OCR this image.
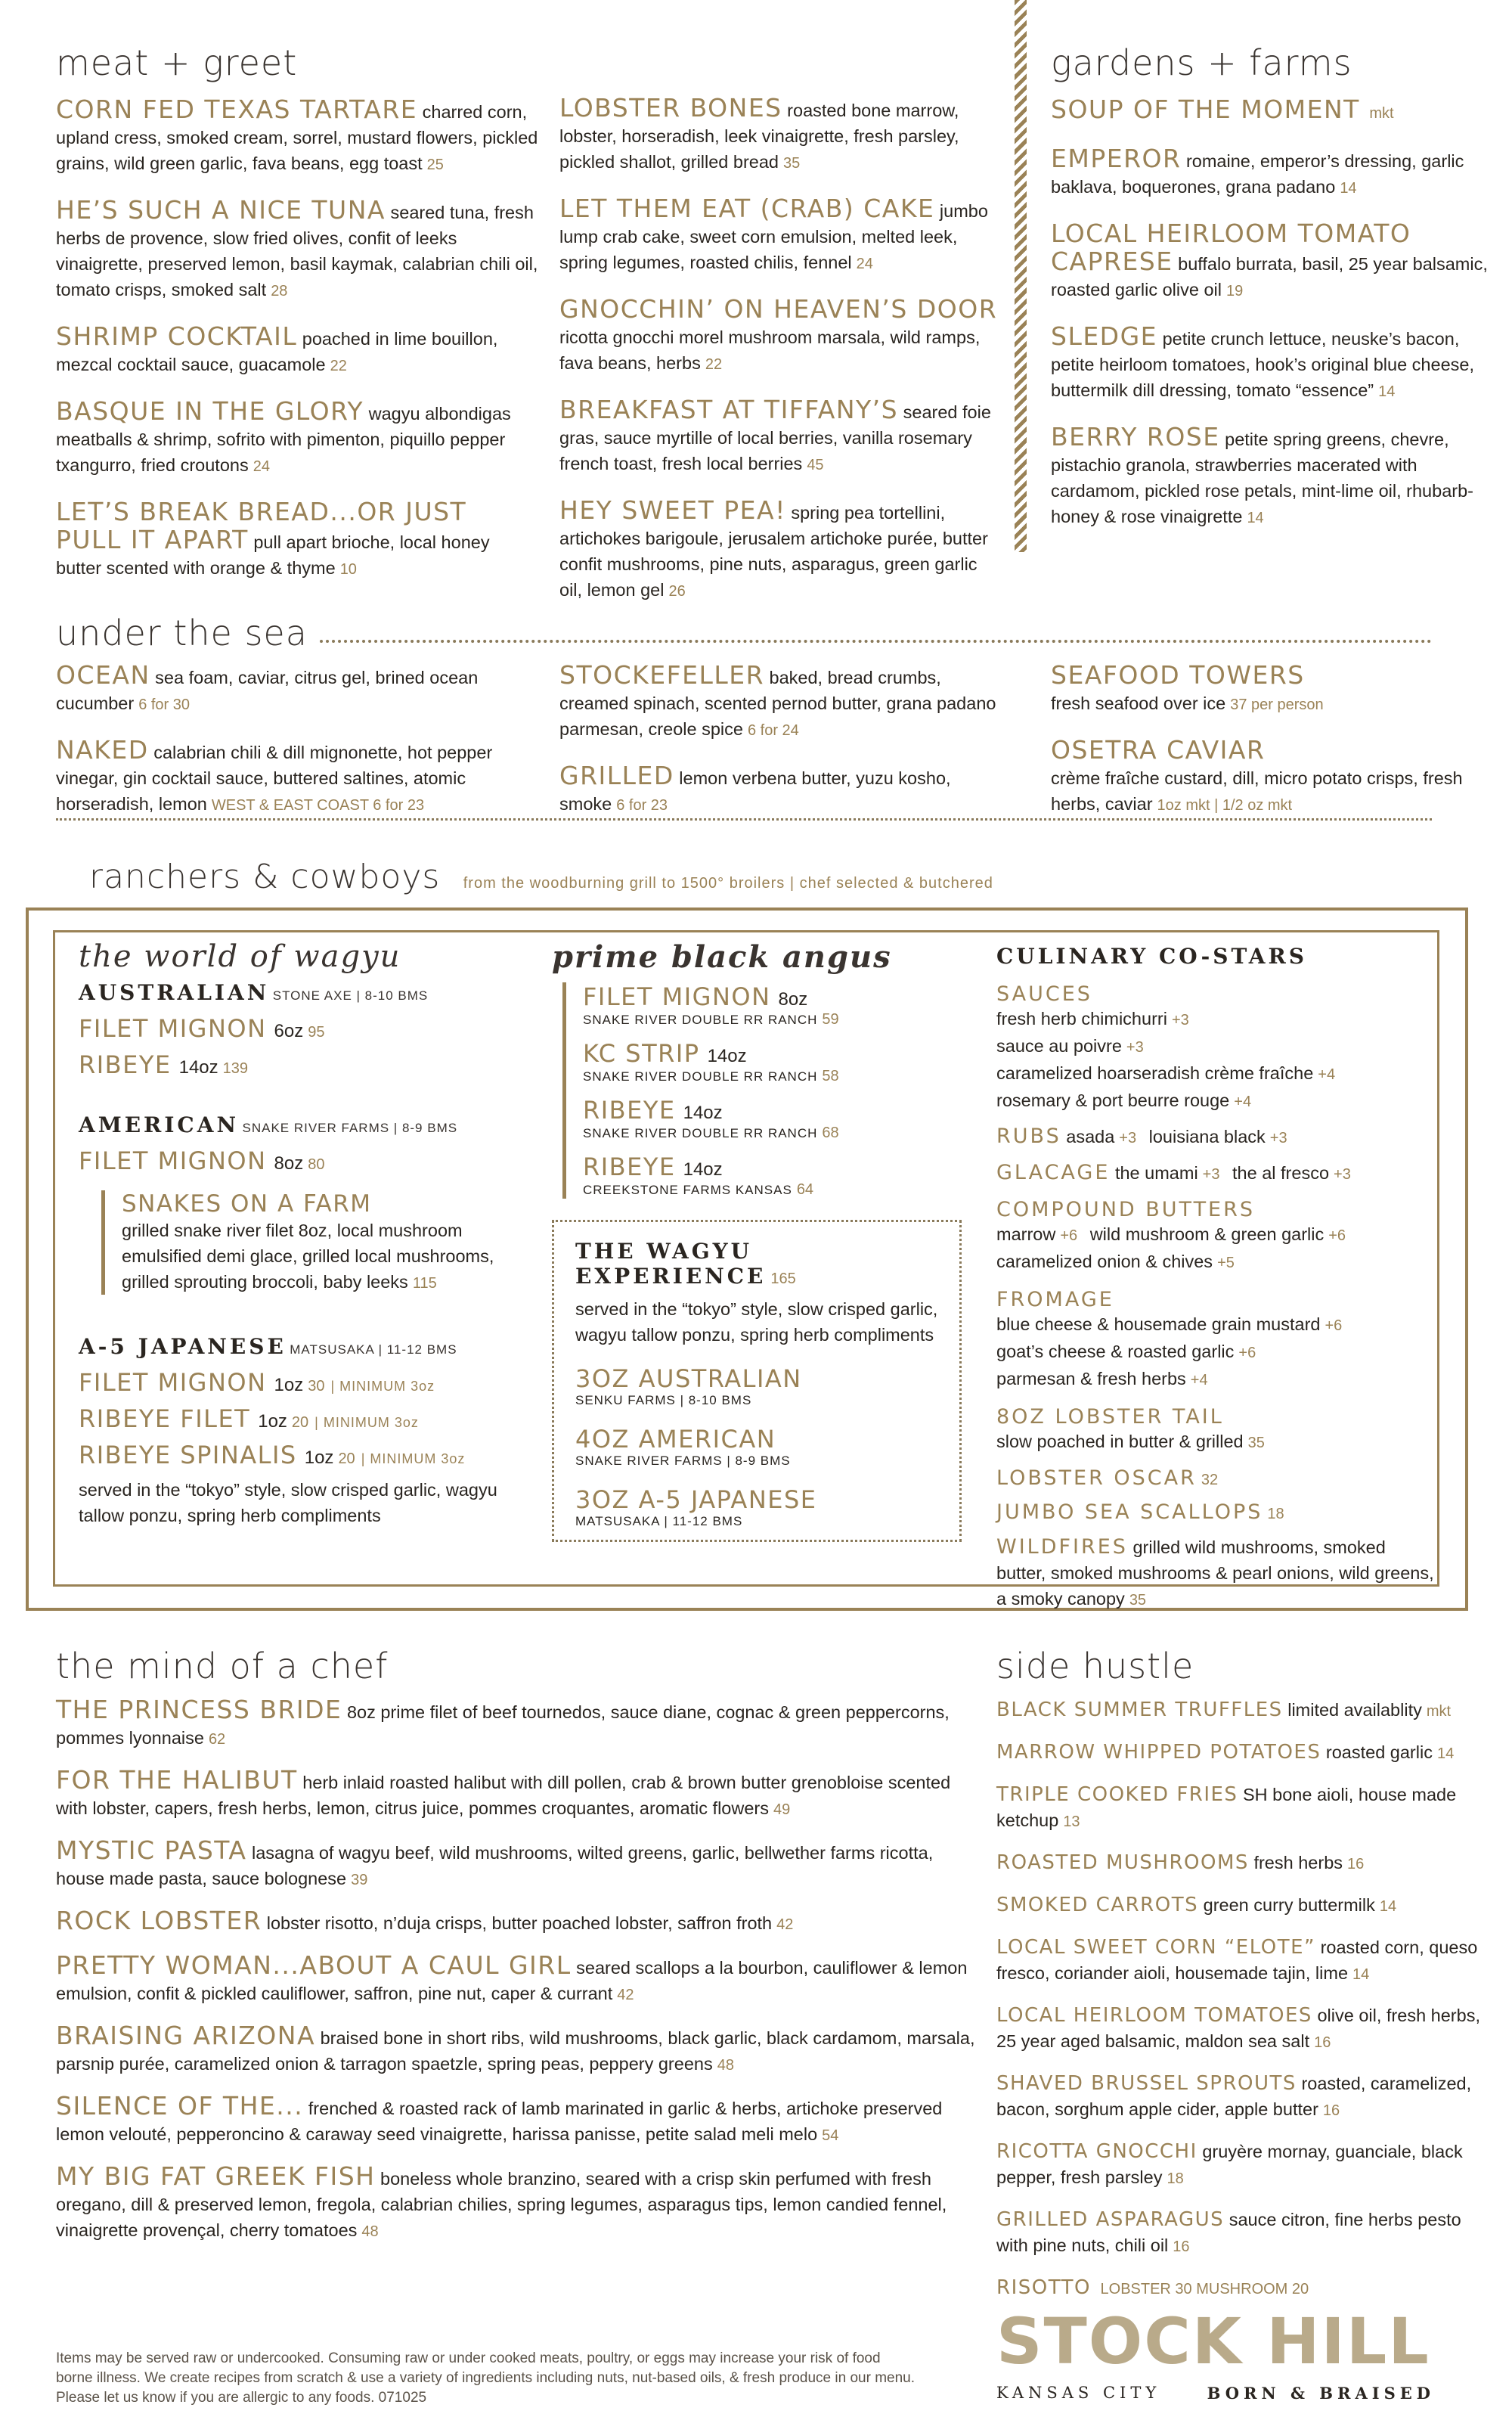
meat + greet
CORN FED TEXAS TARTARE charred corn, upland cress, smoked cream, sorrel, mustard flowers, pickled grains, wild green garlic, fava beans, egg toast 25
HE’S SUCH A NICE TUNA seared tuna, fresh herbs de provence, slow fried olives, confit of leeks vinaigrette, preserved lemon, basil kaymak, calabrian chili oil, tomato crisps, smoked salt 28
SHRIMP COCKTAIL poached in lime bouillon, mezcal cocktail sauce, guacamole 22
BASQUE IN THE GLORY wagyu albondigas meatballs & shrimp, sofrito with pimenton, piquillo pepper txangurro, fried croutons 24
LET’S BREAK BREAD...OR JUST PULL IT APART pull apart brioche, local honey butter scented with orange & thyme 10
LOBSTER BONES roasted bone marrow, lobster, horseradish, leek vinaigrette, fresh parsley, pickled shallot, grilled bread 35
LET THEM EAT (CRAB) CAKE jumbo lump crab cake, sweet corn emulsion, melted leek, spring legumes, roasted chilis, fennel 24
GNOCCHIN’ ON HEAVEN’S DOOR ricotta gnocchi morel mushroom marsala, wild ramps, fava beans, herbs 22
BREAKFAST AT TIFFANY’S seared foie gras, sauce myrtille of local berries, vanilla rosemary french toast, fresh local berries 45
HEY SWEET PEA! spring pea tortellini, artichokes barigoule, jerusalem artichoke purée, butter confit mushrooms, pine nuts, asparagus, green garlic oil, lemon gel 26
gardens + farms
SOUP OF THE MOMENT mkt
EMPEROR romaine, emperor’s dressing, garlic baklava, boquerones, grana padano 14
LOCAL HEIRLOOM TOMATO CAPRESE buffalo burrata, basil, 25 year balsamic, roasted garlic olive oil 19
SLEDGE petite crunch lettuce, neuske’s bacon, petite heirloom tomatoes, hook’s original blue cheese, buttermilk dill dressing, tomato “essence” 14
BERRY ROSE petite spring greens, chevre, pistachio granola, strawberries macerated with cardamom, pickled rose petals, mint-lime oil, rhubarb-honey & rose vinaigrette 14
under the sea
OCEAN sea foam, caviar, citrus gel, brined ocean cucumber 6 for 30
NAKED calabrian chili & dill mignonette, hot pepper vinegar, gin cocktail sauce, buttered saltines, atomic horseradish, lemon WEST & EAST COAST 6 for 23
STOCKEFELLER baked, bread crumbs, creamed spinach, scented pernod butter, grana padano parmesan, creole spice 6 for 24
GRILLED lemon verbena butter, yuzu kosho, smoke 6 for 23
SEAFOOD TOWERS
fresh seafood over ice 37 per person
OSETRA CAVIAR
crème fraîche custard, dill, micro potato crisps, fresh herbs, caviar 1oz mkt | 1/2 oz mkt
ranchers & cowboys from the woodburning grill to 1500° broilers | chef selected & butchered
the world of wagyu
AUSTRALIAN STONE AXE | 8-10 BMS
FILET MIGNON 6oz 95
RIBEYE 14oz 139
AMERICAN SNAKE RIVER FARMS | 8-9 BMS
FILET MIGNON 8oz 80
SNAKES ON A FARM
grilled snake river filet 8oz, local mushroom emulsified demi glace, grilled local mushrooms, grilled sprouting broccoli, baby leeks 115
A-5 JAPANESE MATSUSAKA | 11-12 BMS
FILET MIGNON 1oz 30 | MINIMUM 3oz
RIBEYE FILET 1oz 20 | MINIMUM 3oz
RIBEYE SPINALIS 1oz 20 | MINIMUM 3oz
served in the “tokyo” style, slow crisped garlic, wagyu tallow ponzu, spring herb compliments
prime black angus
FILET MIGNON 8oz
SNAKE RIVER DOUBLE RR RANCH 59
KC STRIP 14oz
SNAKE RIVER DOUBLE RR RANCH 58
RIBEYE 14oz
SNAKE RIVER DOUBLE RR RANCH 68
RIBEYE 14oz
CREEKSTONE FARMS KANSAS 64
THE WAGYU EXPERIENCE 165
served in the “tokyo” style, slow crisped garlic, wagyu tallow ponzu, spring herb compliments
3OZ AUSTRALIAN
SENKU FARMS | 8-10 BMS
4OZ AMERICAN
SNAKE RIVER FARMS | 8-9 BMS
3OZ A-5 JAPANESE
MATSUSAKA | 11-12 BMS
CULINARY CO-STARS
SAUCES
fresh herb chimichurri +3
sauce au poivre +3
caramelized hoarseradish crème fraîche +4
rosemary & port beurre rouge +4
RUBS asada +3 louisiana black +3
GLACAGE the umami +3 the al fresco +3
COMPOUND BUTTERS
marrow +6 wild mushroom & green garlic +6
caramelized onion & chives +5
FROMAGE
blue cheese & housemade grain mustard +6
goat’s cheese & roasted garlic +6
parmesan & fresh herbs +4
8OZ LOBSTER TAIL
slow poached in butter & grilled 35
LOBSTER OSCAR 32
JUMBO SEA SCALLOPS 18
WILDFIRES grilled wild mushrooms, smoked butter, smoked mushrooms & pearl onions, wild greens, a smoky canopy 35
the mind of a chef
THE PRINCESS BRIDE 8oz prime filet of beef tournedos, sauce diane, cognac & green peppercorns, pommes lyonnaise 62
FOR THE HALIBUT herb inlaid roasted halibut with dill pollen, crab & brown butter grenobloise scented with lobster, capers, fresh herbs, lemon, citrus juice, pommes croquantes, aromatic flowers 49
MYSTIC PASTA lasagna of wagyu beef, wild mushrooms, wilted greens, garlic, bellwether farms ricotta, house made pasta, sauce bolognese 39
ROCK LOBSTER lobster risotto, n’duja crisps, butter poached lobster, saffron froth 42
PRETTY WOMAN...ABOUT A CAUL GIRL seared scallops a la bourbon, cauliflower & lemon emulsion, confit & pickled cauliflower, saffron, pine nut, caper & currant 42
BRAISING ARIZONA braised bone in short ribs, wild mushrooms, black garlic, black cardamom, marsala, parsnip purée, caramelized onion & tarragon spaetzle, spring peas, peppery greens 48
SILENCE OF THE... frenched & roasted rack of lamb marinated in garlic & herbs, artichoke preserved lemon velouté, pepperoncino & caraway seed vinaigrette, harissa panisse, petite salad meli melo 54
MY BIG FAT GREEK FISH boneless whole branzino, seared with a crisp skin perfumed with fresh oregano, dill & preserved lemon, fregola, calabrian chilies, spring legumes, asparagus tips, lemon candied fennel, vinaigrette provençal, cherry tomatoes 48
Items may be served raw or undercooked. Consuming raw or under cooked meats, poultry, or eggs may increase your risk of food borne illness. We create recipes from scratch & use a variety of ingredients including nuts, nut-based oils, & fresh produce in our menu. Please let us know if you are allergic to any foods. 071025
side hustle
BLACK SUMMER TRUFFLES limited availablity mkt
MARROW WHIPPED POTATOES roasted garlic 14
TRIPLE COOKED FRIES SH bone aioli, house made ketchup 13
ROASTED MUSHROOMS fresh herbs 16
SMOKED CARROTS green curry buttermilk 14
LOCAL SWEET CORN “ELOTE” roasted corn, queso fresco, coriander aioli, housemade tajin, lime 14
LOCAL HEIRLOOM TOMATOES olive oil, fresh herbs, 25 year aged balsamic, maldon sea salt 16
SHAVED BRUSSEL SPROUTS roasted, caramelized, bacon, sorghum apple cider, apple butter 16
RICOTTA GNOCCHI gruyère mornay, guanciale, black pepper, fresh parsley 18
GRILLED ASPARAGUS sauce citron, fine herbs pesto with pine nuts, chili oil 16
RISOTTO LOBSTER 30 MUSHROOM 20
STOCK HILL
KANSAS CITY	BORN & BRAISED
